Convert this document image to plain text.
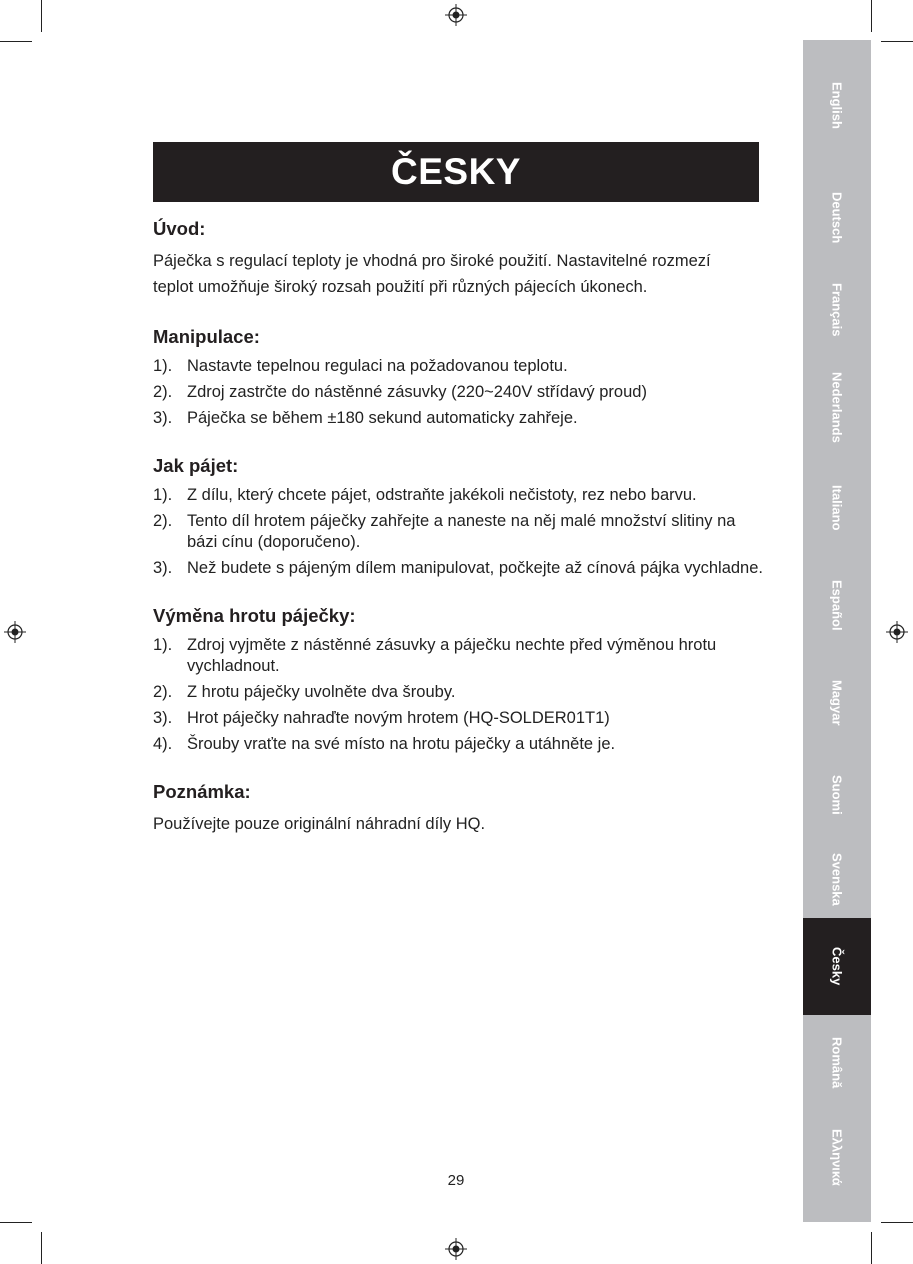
ČESKY
Úvod:

Páječka s regulací teploty je vhodná pro široké použití. Nastavitelné rozmezí
teplot umožňuje široký rozsah použití při různých pájecích úkonech.

Manipulace:
1). Nastavte tepelnou regulaci na požadovanou teplotu.
2). Zdroj zastrčte do nástěnné zásuvky (220~240V střídavý proud)
3). Páječka se během ±180 sekund automaticky zahřeje.
Jak pájet:
1). Z dílu, který chcete pájet, odstraňte jakékoli nečistoty, rez nebo barvu.
2). Tento díl hrotem páječky zahřejte a naneste na něj malé množství slitiny na bázi cínu (doporučeno).
3). Než budete s pájeným dílem manipulovat, počkejte až cínová pájka vychladne.
Výměna hrotu páječky:
1). Zdroj vyjměte z nástěnné zásuvky a páječku nechte před výměnou hrotu vychladnout.
2). Z hrotu páječky uvolněte dva šrouby.
3). Hrot páječky nahraďte novým hrotem (HQ-SOLDER01T1)
4). Šrouby vraťte na své místo na hrotu páječky a utáhněte je.
Poznámka:

Používejte pouze originální náhradní díly HQ.

29
English
Deutsch
Français
Nederlands
Italiano
Español
Magyar
Suomi
Svenska
Česky
Română
Ελληνικά
